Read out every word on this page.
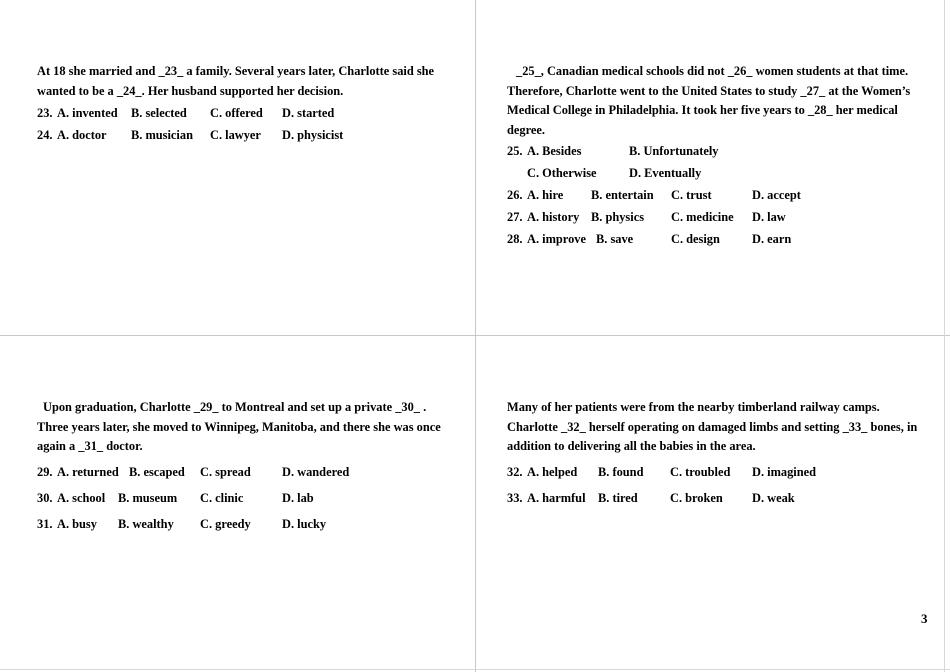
At 18 she married and _23_ a family. Several years later, Charlotte said she wanted to be a _24_. Her husband supported her decision.

23. A. invented B. selected C. offered D. started
24. A. doctor B. musician C. lawyer D. physicist

_25_, Canadian medical schools did not _26_ women students at that time. Therefore, Charlotte went to the United States to study _27_ at the Women’s Medical College in Philadelphia. It took her five years to _28_ her medical degree.

25. A. Besides	B. Unfortunately
C. Otherwise	D. Eventually
26. A. hire B. entertain C. trust	D. accept
27. A. history B. physics C. medicine D. law
28. A. improve B. save	C. design	D. earn

Upon graduation, Charlotte _29_ to Montreal and set up a private _30_ . Three years later, she moved to Winnipeg, Manitoba, and there she was once again a _31_ doctor.

29. A. returned B. escaped C. spread	D. wandered
30. A. school B. museum C. clinic	D. lab
31. A. busy B. wealthy C. greedy	D. lucky

Many of her patients were from the nearby timberland railway camps. Charlotte _32_ herself operating on damaged limbs and setting _33_ bones, in addition to delivering all the babies in the area.

32. A. helped B. found C. troubled D. imagined
33. A. harmful B. tired	C. broken D. weak
3
